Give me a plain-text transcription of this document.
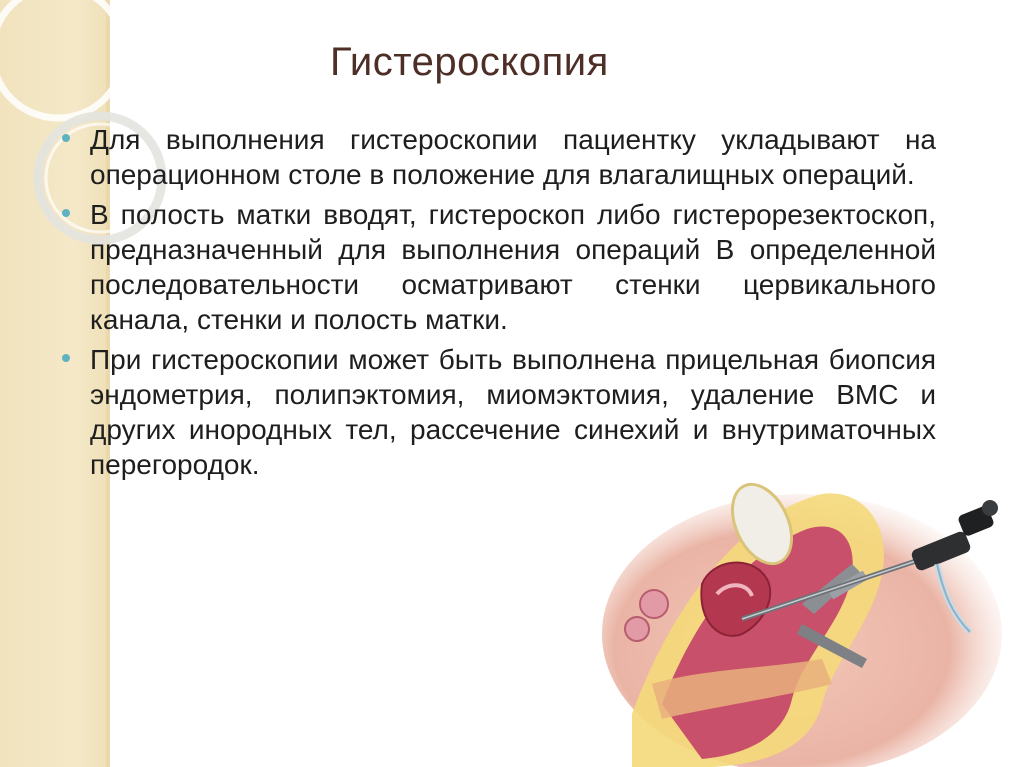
Гистероскопия
Для выполнения гистероскопии пациентку укладывают на операционном столе в положение для влагалищных операций.
В полость матки вводят, гистероскоп либо гистерорезектоскоп, предназначенный для выполнения операций В определенной последовательности осматривают стенки цервикального канала, стенки и полость матки.
При гистероскопии может быть выполнена прицельная биопсия эндометрия, полипэктомия, миомэктомия, удаление ВМС и других инородных тел, рассечение синехий и внутриматочных перегородок.
